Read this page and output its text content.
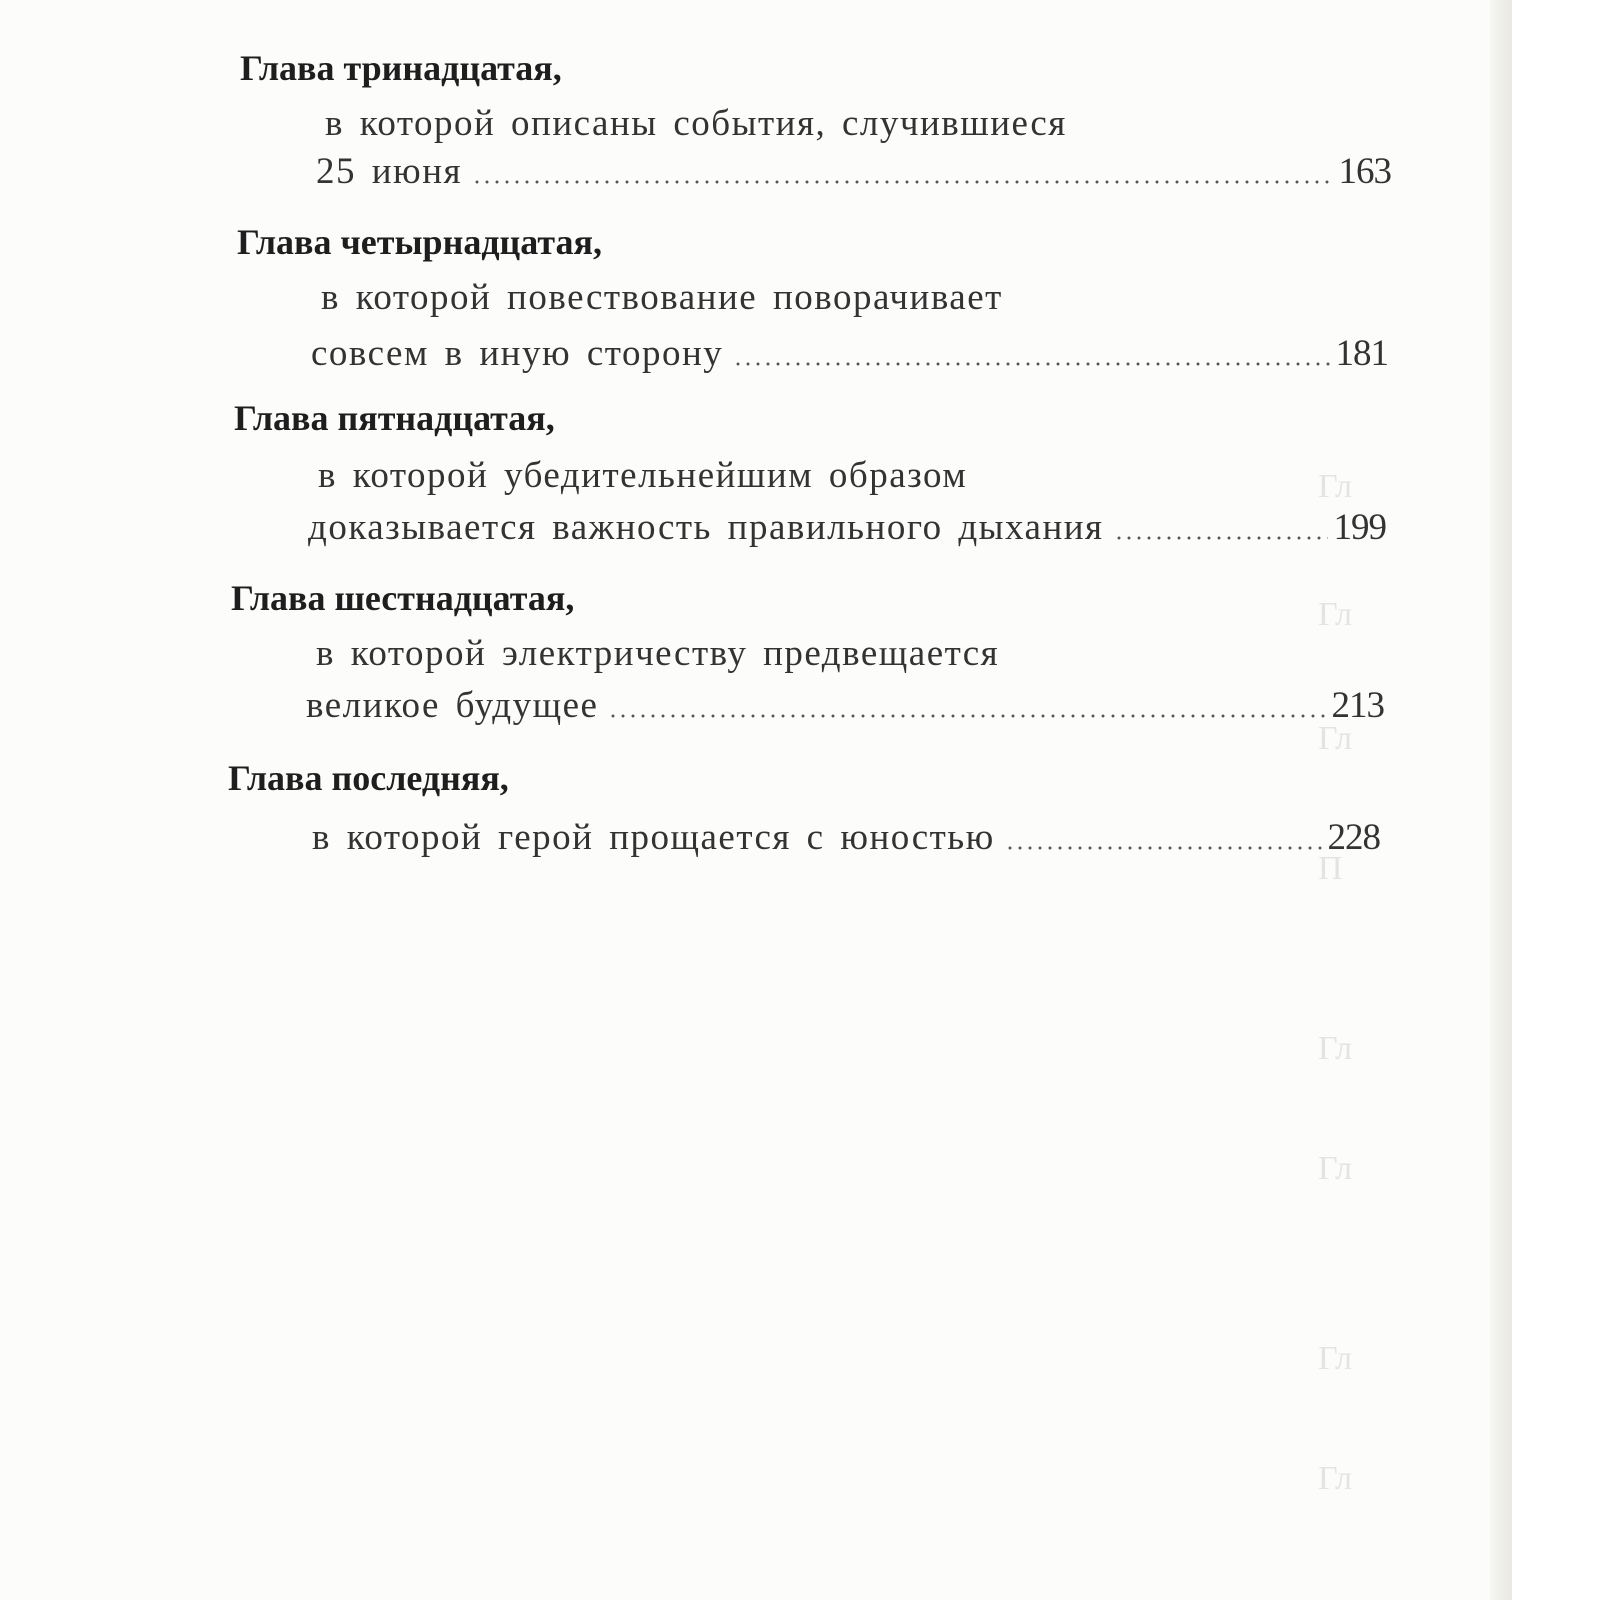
Гл
Гл
Гл
П
Гл
Гл
Гл
Гл
Глава тринадцатая,
в которой описаны события, случившиеся
25 июня	163
Глава четырнадцатая,
в которой повествование поворачивает
совсем в иную сторону	181
Глава пятнадцатая,
в которой убедительнейшим образом
доказывается важность правильного дыхания	199
Глава шестнадцатая,
в которой электричеству предвещается
великое будущее	213
Глава последняя,
в которой герой прощается с юностью	228
